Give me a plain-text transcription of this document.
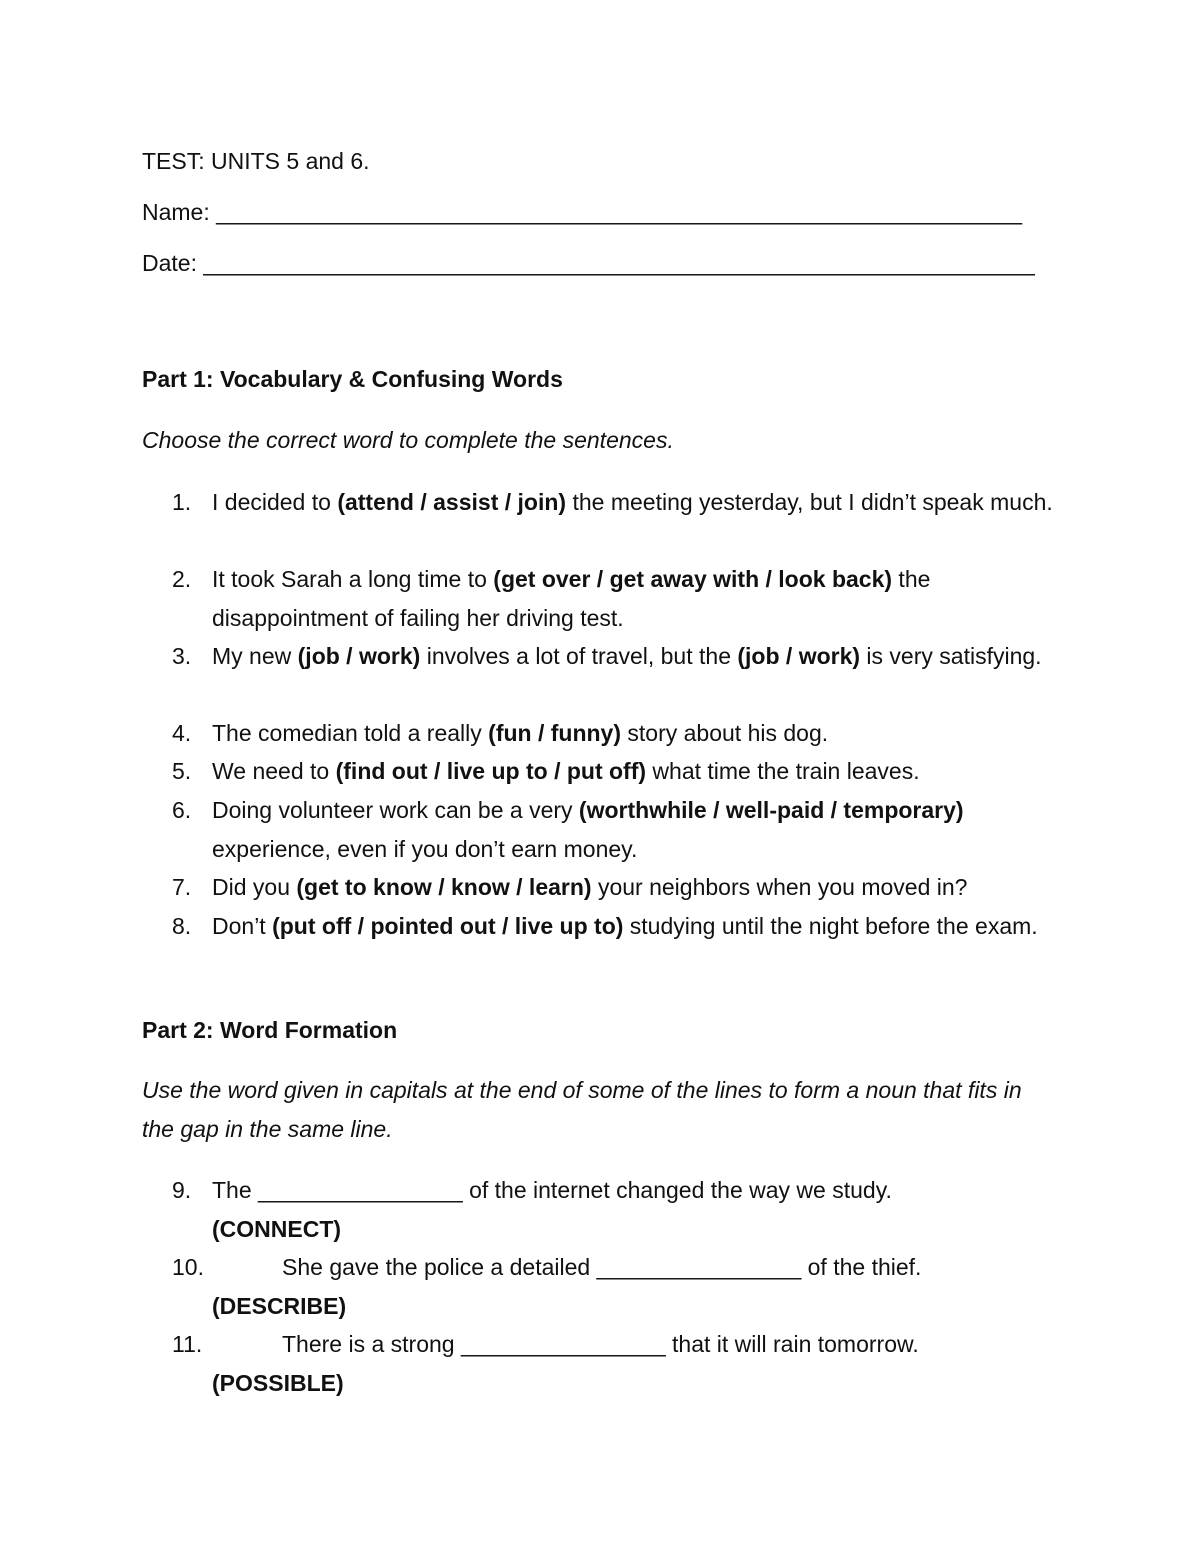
TEST: UNITS 5 and 6.

Name: _______________________________________________________________

Date: _________________________________________________________________

Part 1: Vocabulary & Confusing Words

Choose the correct word to complete the sentences.

1. I decided to (attend / assist / join) the meeting yesterday, but I didn’t speak much.
2. It took Sarah a long time to (get over / get away with / look back) the disappointment of failing her driving test.
3. My new (job / work) involves a lot of travel, but the (job / work) is very satisfying.
4. The comedian told a really (fun / funny) story about his dog.
5. We need to (find out / live up to / put off) what time the train leaves.
6. Doing volunteer work can be a very (worthwhile / well-paid / temporary) experience, even if you don’t earn money.
7. Did you (get to know / know / learn) your neighbors when you moved in?
8. Don’t (put off / pointed out / live up to) studying until the night before the exam.

Part 2: Word Formation

Use the word given in capitals at the end of some of the lines to form a noun that fits in

the gap in the same line.

9. The ________________ of the internet changed the way we study.
(CONNECT)
10.	She gave the police a detailed ________________ of the thief.
(DESCRIBE)
11.	There is a strong ________________ that it will rain tomorrow.
(POSSIBLE)
